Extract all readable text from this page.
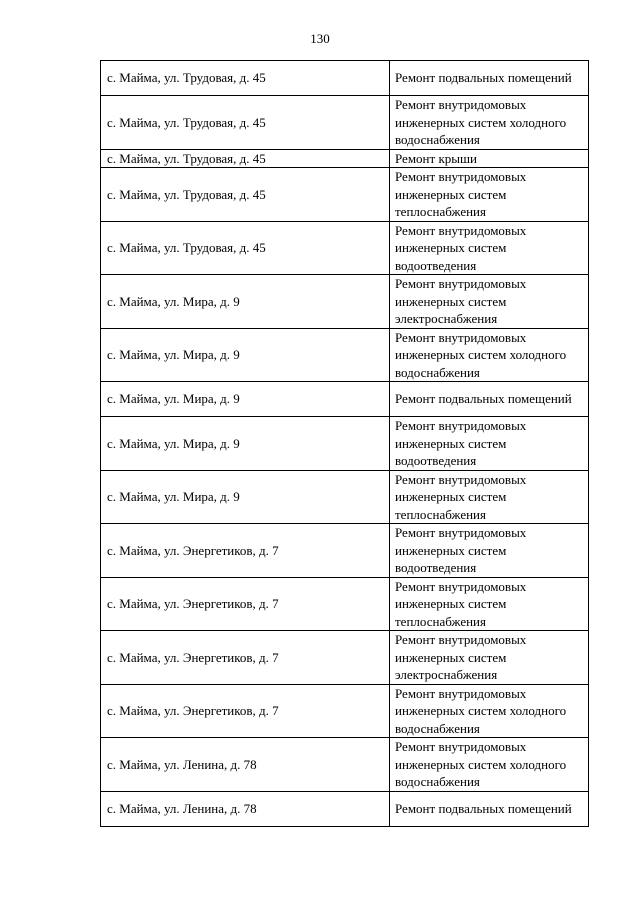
130
с. Майма, ул. Трудовая, д. 45	Ремонт подвальных помещений
с. Майма, ул. Трудовая, д. 45	Ремонт внутридомовых инженерных систем холодного водоснабжения
с. Майма, ул. Трудовая, д. 45	Ремонт крыши
с. Майма, ул. Трудовая, д. 45	Ремонт внутридомовых инженерных систем теплоснабжения
с. Майма, ул. Трудовая, д. 45	Ремонт внутридомовых инженерных систем водоотведения
с. Майма, ул. Мира, д. 9	Ремонт внутридомовых инженерных систем электроснабжения
с. Майма, ул. Мира, д. 9	Ремонт внутридомовых инженерных систем холодного водоснабжения
с. Майма, ул. Мира, д. 9	Ремонт подвальных помещений
с. Майма, ул. Мира, д. 9	Ремонт внутридомовых инженерных систем водоотведения
с. Майма, ул. Мира, д. 9	Ремонт внутридомовых инженерных систем теплоснабжения
с. Майма, ул. Энергетиков, д. 7	Ремонт внутридомовых инженерных систем водоотведения
с. Майма, ул. Энергетиков, д. 7	Ремонт внутридомовых инженерных систем теплоснабжения
с. Майма, ул. Энергетиков, д. 7	Ремонт внутридомовых инженерных систем электроснабжения
с. Майма, ул. Энергетиков, д. 7	Ремонт внутридомовых инженерных систем холодного водоснабжения
с. Майма, ул. Ленина, д. 78	Ремонт внутридомовых инженерных систем холодного водоснабжения
с. Майма, ул. Ленина, д. 78	Ремонт подвальных помещений
